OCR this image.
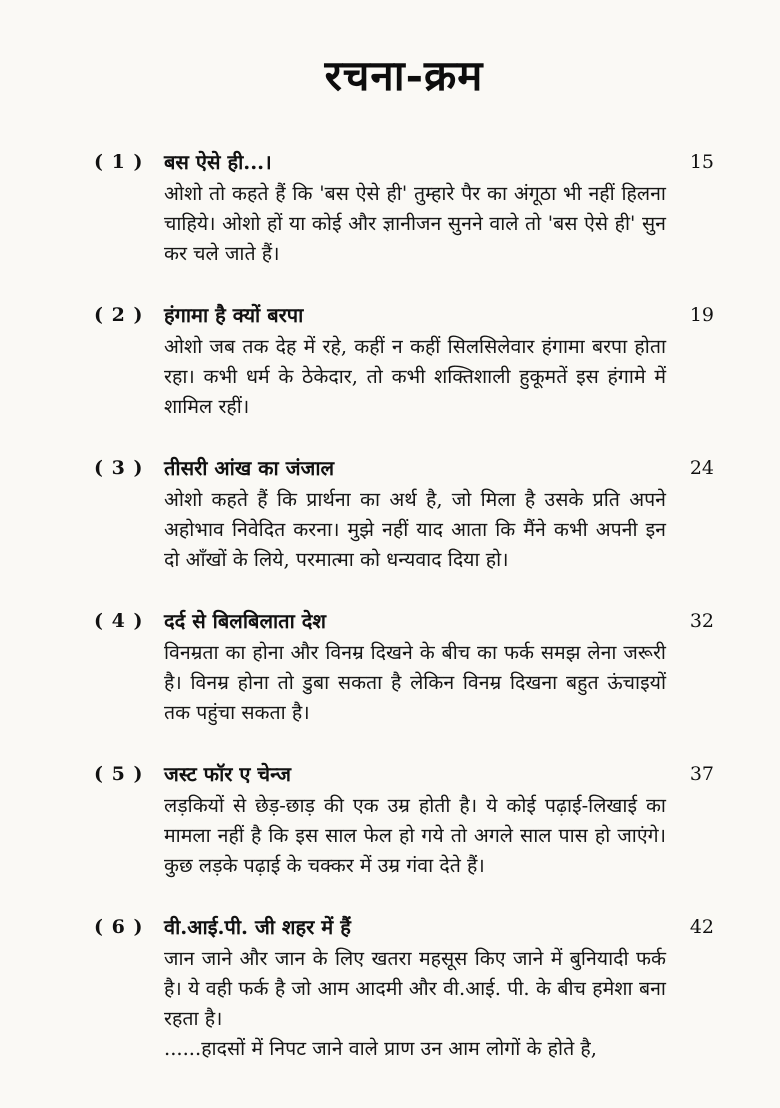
रचना-क्रम
( 1 )	बस ऐसे ही...।
ओशो तो कहते हैं कि 'बस ऐसे ही' तुम्हारे पैर का अंगूठा भी नहीं हिलना चाहिये। ओशो हों या कोई और ज्ञानीजन सुनने वाले तो 'बस ऐसे ही' सुन कर चले जाते हैं।
15
( 2 )	हंगामा है क्यों बरपा
ओशो जब तक देह में रहे, कहीं न कहीं सिलसिलेवार हंगामा बरपा होता रहा। कभी धर्म के ठेकेदार, तो कभी शक्तिशाली हुकूमतें इस हंगामे में शामिल रहीं।
19
( 3 )	तीसरी आंख का जंजाल
ओशो कहते हैं कि प्रार्थना का अर्थ है, जो मिला है उसके प्रति अपने अहोभाव निवेदित करना। मुझे नहीं याद आता कि मैंने कभी अपनी इन दो आँखों के लिये, परमात्मा को धन्यवाद दिया हो।
24
( 4 )	दर्द से बिलबिलाता देश
विनम्रता का होना और विनम्र दिखने के बीच का फर्क समझ लेना जरूरी है। विनम्र होना तो डुबा सकता है लेकिन विनम्र दिखना बहुत ऊंचाइयों तक पहुंचा सकता है।
32
( 5 )	जस्ट फॉर ए चेन्ज
लड़कियों से छेड़-छाड़ की एक उम्र होती है। ये कोई पढ़ाई-लिखाई का मामला नहीं है कि इस साल फेल हो गये तो अगले साल पास हो जाएंगे। कुछ लड़के पढ़ाई के चक्कर में उम्र गंवा देते हैं।
37
( 6 )	वी.आई.पी. जी शहर में हैं
जान जाने और जान के लिए खतरा महसूस किए जाने में बुनियादी फर्क है। ये वही फर्क है जो आम आदमी और वी.आई. पी. के बीच हमेशा बना रहता है।
......हादसों में निपट जाने वाले प्राण उन आम लोगों के होते है,
42
